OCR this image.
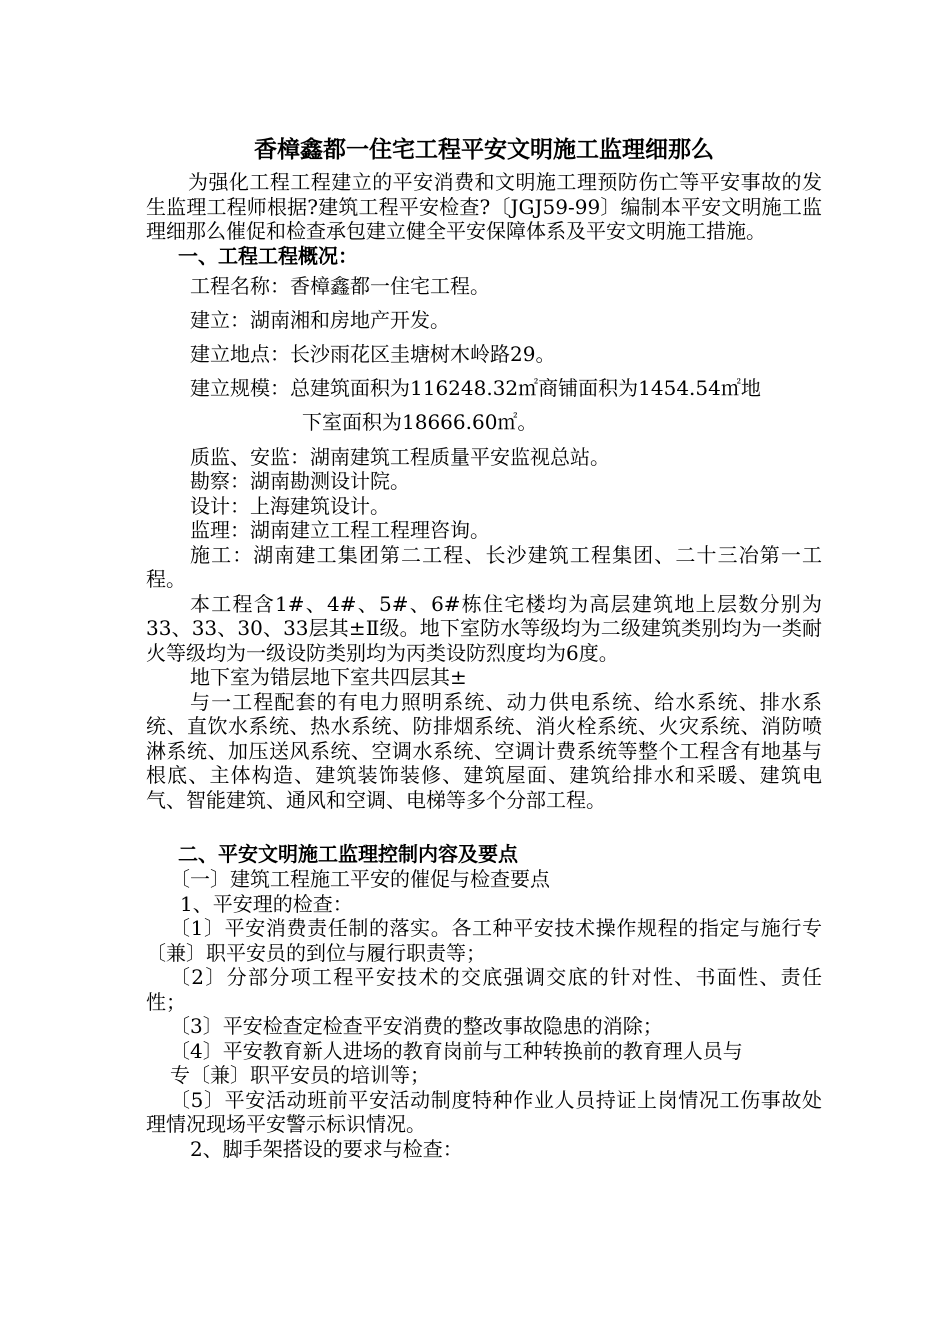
香樟鑫都一住宅工程平安文明施工监理细那么

为强化工程工程建立的平安消费和文明施工理预防伤亡等平安事故的发生监理工程师根据?建筑工程平安检查?〔JGJ59-99〕编制本平安文明施工监理细那么催促和检查承包建立健全平安保障体系及平安文明施工措施。

一、工程工程概况：

工程名称：香樟鑫都一住宅工程。

建立：湖南湘和房地产开发。

建立地点：长沙雨花区圭塘树木岭路29。

建立规模：总建筑面积为116248.32㎡商铺面积为1454.54㎡地

下室面积为18666.60㎡。

质监、安监：湖南建筑工程质量平安监视总站。

勘察：湖南勘测设计院。

设计：上海建筑设计。

监理：湖南建立工程工程理咨询。

施工：湖南建工集团第二工程、长沙建筑工程集团、二十三冶第一工程。

本工程含1#、4#、5#、6#栋住宅楼均为高层建筑地上层数分别为33、33、30、33层其±Ⅱ级。地下室防水等级均为二级建筑类别均为一类耐火等级均为一级设防类别均为丙类设防烈度均为6度。

地下室为错层地下室共四层其±

与一工程配套的有电力照明系统、动力供电系统、给水系统、排水系统、直饮水系统、热水系统、防排烟系统、消火栓系统、火灾系统、消防喷淋系统、加压送风系统、空调水系统、空调计费系统等整个工程含有地基与根底、主体构造、建筑装饰装修、建筑屋面、建筑给排水和采暖、建筑电气、智能建筑、通风和空调、电梯等多个分部工程。

二、平安文明施工监理控制内容及要点

〔一〕建筑工程施工平安的催促与检查要点

1、平安理的检查：

〔1〕平安消费责任制的落实。各工种平安技术操作规程的指定与施行专〔兼〕职平安员的到位与履行职责等；

〔2〕分部分项工程平安技术的交底强调交底的针对性、书面性、责任性；

〔3〕平安检查定检查平安消费的整改事故隐患的消除；

〔4〕平安教育新人进场的教育岗前与工种转换前的教育理人员与

专〔兼〕职平安员的培训等；

〔5〕平安活动班前平安活动制度特种作业人员持证上岗情况工伤事故处理情况现场平安警示标识情况。

2、脚手架搭设的要求与检查：
